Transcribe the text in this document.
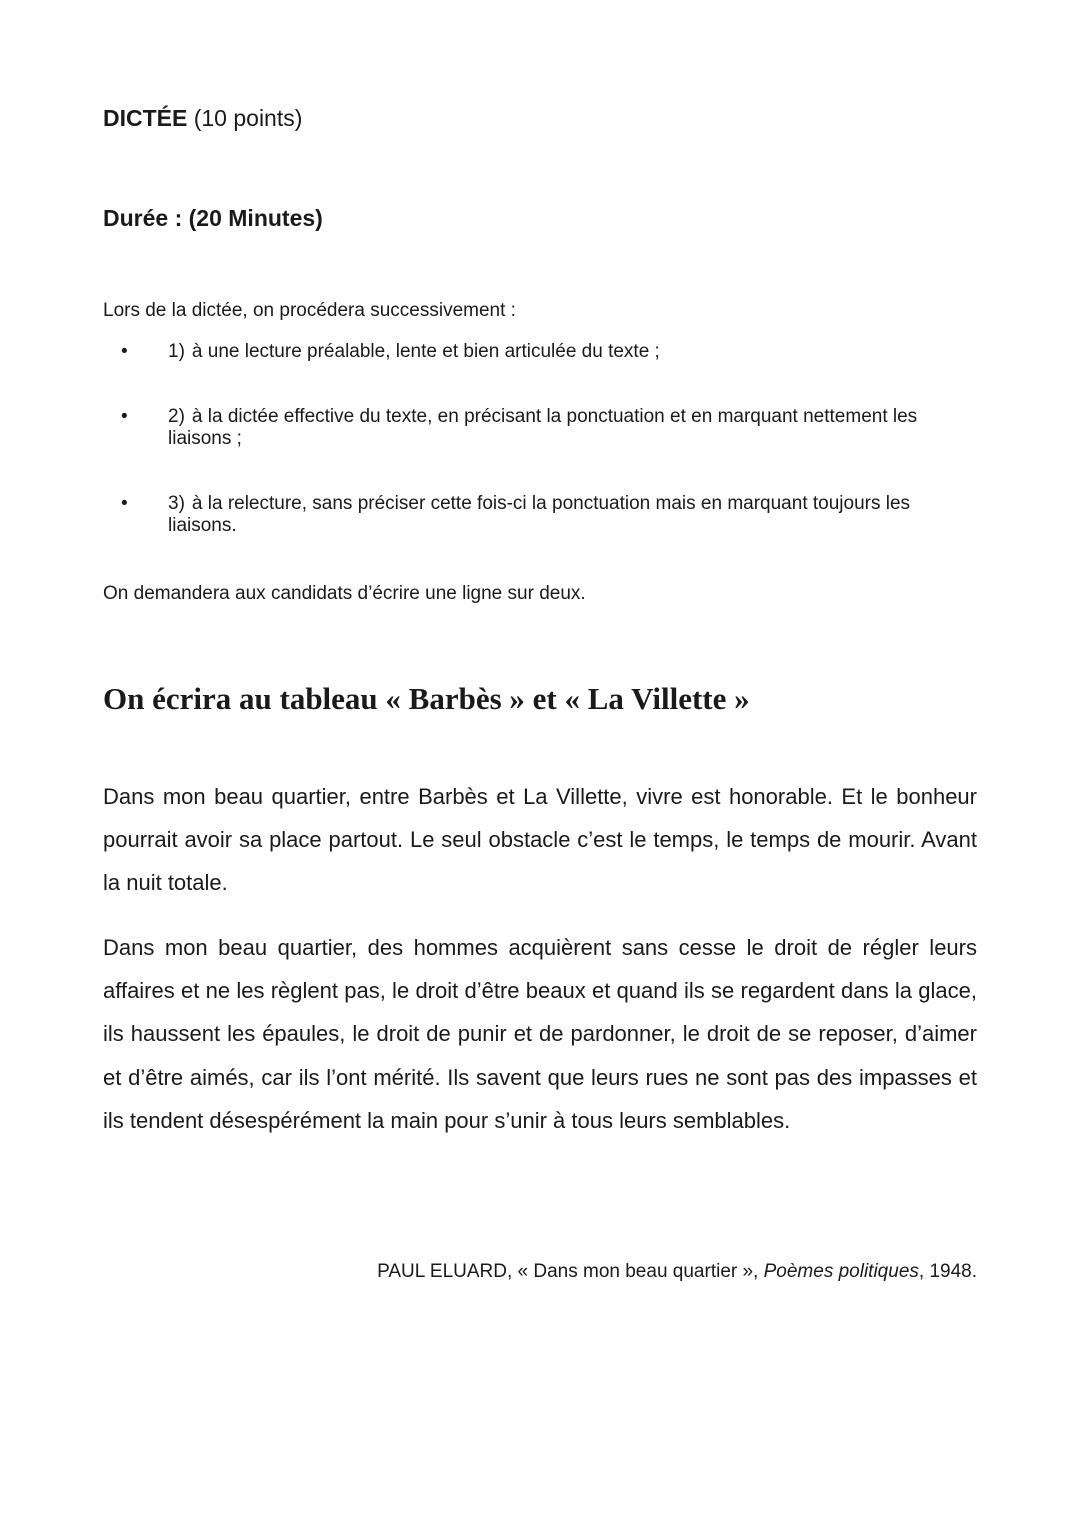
DICTÉE (10 points)
Durée : (20 Minutes)
Lors de la dictée, on procédera successivement :
• 1) à une lecture préalable, lente et bien articulée du texte ;
• 2) à la dictée effective du texte, en précisant la ponctuation et en marquant nettement les liaisons ;
• 3) à la relecture, sans préciser cette fois-ci la ponctuation mais en marquant toujours les liaisons.
On demandera aux candidats d’écrire une ligne sur deux.
On écrira au tableau « Barbès » et « La Villette »

Dans mon beau quartier, entre Barbès et La Villette, vivre est honorable. Et le bonheur pourrait avoir sa place partout. Le seul obstacle c’est le temps, le temps de mourir. Avant la nuit totale.

Dans mon beau quartier, des hommes acquièrent sans cesse le droit de régler leurs affaires et ne les règlent pas, le droit d’être beaux et quand ils se regardent dans la glace, ils haussent les épaules, le droit de punir et de pardonner, le droit de se reposer, d’aimer et d’être aimés, car ils l’ont mérité. Ils savent que leurs rues ne sont pas des impasses et ils tendent désespérément la main pour s’unir à tous leurs semblables.

PAUL ELUARD, « Dans mon beau quartier », Poèmes politiques, 1948.
